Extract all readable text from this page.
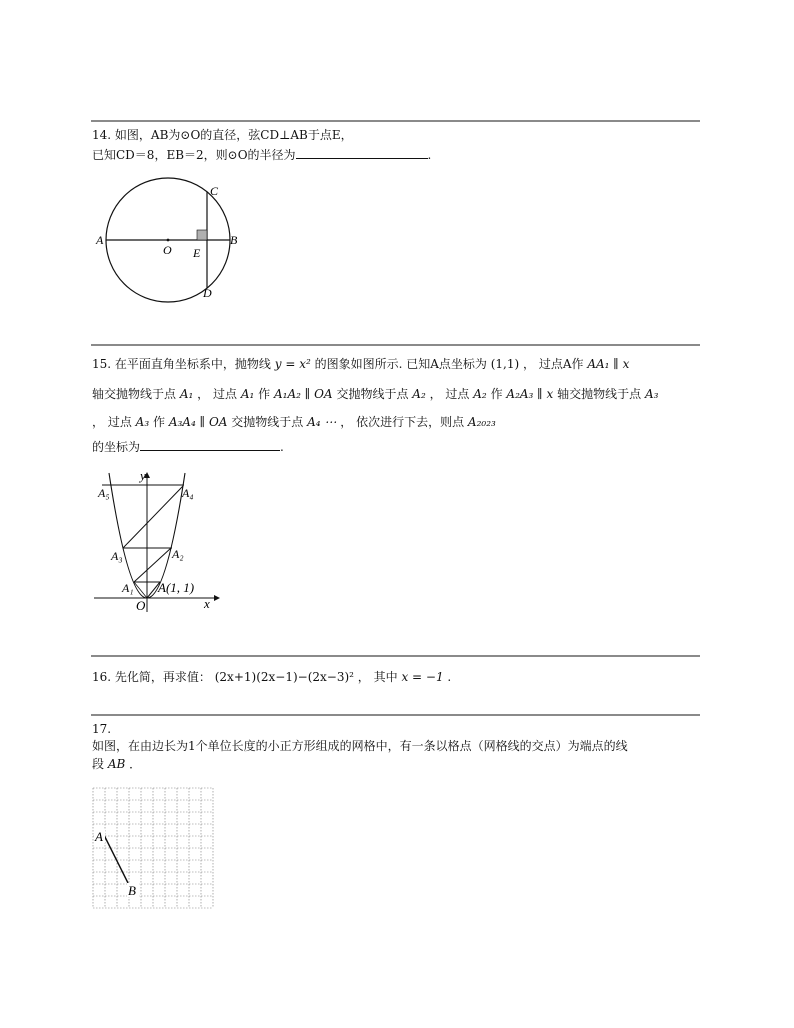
14. 如图，AB为⊙O的直径，弦CD⊥AB于点E，
已知CD＝8，EB＝2，则⊙O的半径为	.
A	B
C
D
O E
15. 在平面直角坐标系中，抛物线 y = x² 的图象如图所示. 已知A点坐标为 (1,1) ， 过点A作 AA₁ ∥ x
轴交抛物线于点 A₁ ， 过点 A₁ 作 A₁A₂ ∥ OA 交抛物线于点 A₂ ， 过点 A₂ 作 A₂A₃ ∥ x 轴交抛物线于点 A₃
， 过点 A₃ 作 A₃A₄ ∥ OA 交抛物线于点 A₄ ⋯ ， 依次进行下去，则点 A₂₀₂₃
的坐标为	.
y
x
O
A₅	A₄
A₃	A₂
A₁ A(1, 1)
16. 先化简，再求值： (2x+1)(2x−1)−(2x−3)² ， 其中 x = −1 .
17.
如图，在由边长为1个单位长度的小正方形组成的网格中，有一条以格点（网格线的交点）为端点的线
段 AB ．
A
B
